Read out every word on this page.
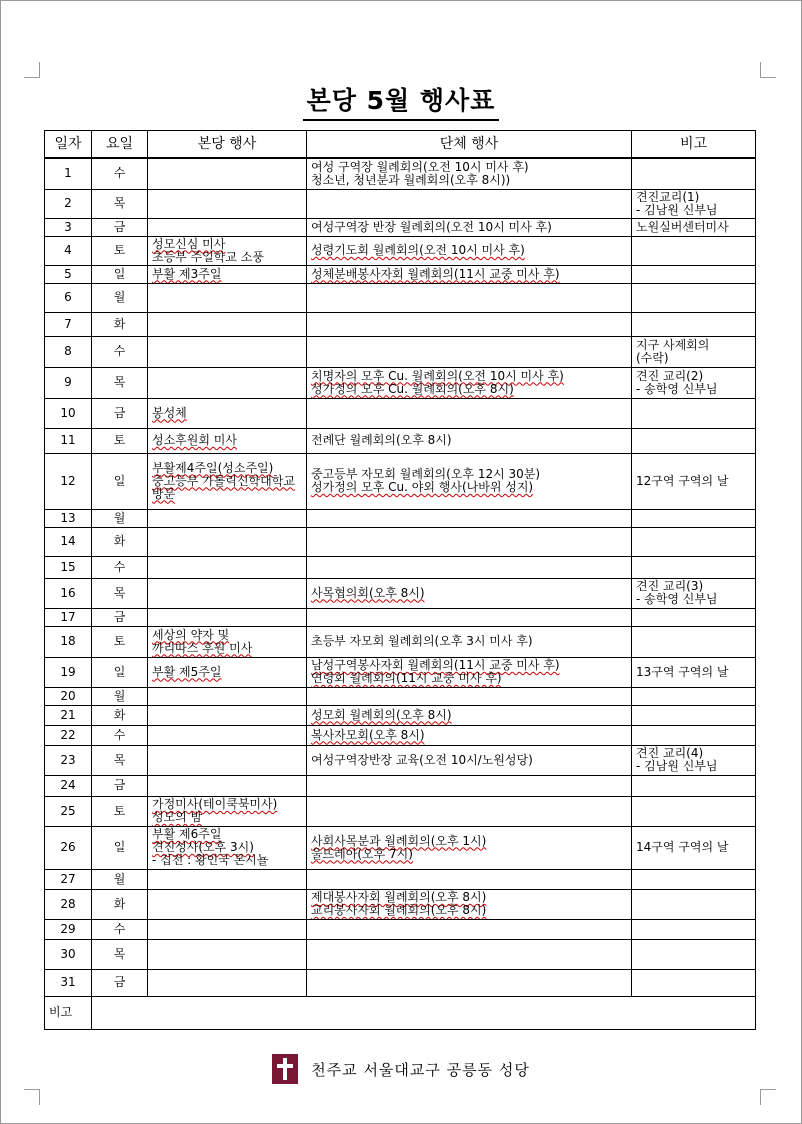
본당 5월 행사표
일자	요일	본당 행사	단체 행사	비고
1	수		여성 구역장 월례회의(오전 10시 미사 후)
청소년, 청년분과 월례회의(오후 8시))	

2	목			견진교리(1)
- 김남원 신부님

3	금		여성구역장 반장 월례회의(오전 10시 미사 후)	노원실버센터미사

4	토	성모신심 미사
초등부 주일학교 소풍	성령기도회 월례회의(오전 10시 미사 후)	

5	일	부활 제3주일	성체분배봉사자회 월례회의(11시 교중 미사 후)	

6	월			
7	화			
8	수			지구 사제회의
(수락)

9	목		치명자의 모후 Cu. 월례회의(오전 10시 미사 후)
성가정의 모후 Cu. 월례회의(오후 8시)	견진 교리(2)
- 송학영 신부님

10	금	봉성체		

11	토	성소후원회 미사	전례단 월례회의(오후 8시)	

12	일	부활제4주일(성소주일)
중고등부 가톨릭신학대학교 방문	중고등부 자모회 월례회의(오후 12시 30분)
성가정의 모후 Cu. 야외 행사(나바위 성지)	12구역 구역의 날

13	월			
14	화			
15	수			
16	목		사목협의회(오후 8시)	견진 교리(3)
- 송학영 신부님

17	금			
18	토	세상의 약자 및
까리따스 후원 미사	초등부 자모회 월례회의(오후 3시 미사 후)	

19	일	부활 제5주일	남성구역봉사자회 월례회의(11시 교중 미사 후)
연령회 월례회의(11시 교중 미사 후)	13구역 구역의 날

20	월			
21	화		성모회 월례회의(오후 8시)	

22	수		복사자모회(오후 8시)	

23	목		여성구역장반장 교육(오전 10시/노원성당)	견진 교리(4)
- 김남원 신부님

24	금			
25	토	가정미사(테이쿡북미사)
성모의 밤		

26	일	부활 제6주일
견진성사(오후 3시)
- 집전 : 황인국 몬시뇰	사회사목분과 월례회의(오후 1시)
울뜨레아(오후 7시)	14구역 구역의 날

27	월			
28	화		제대봉사자회 월례회의(오후 8시)
교리봉사자회 월례회의(오후 8시)	

29	수			
30	목			
31	금			
비고				
천주교 서울대교구 공릉동 성당
